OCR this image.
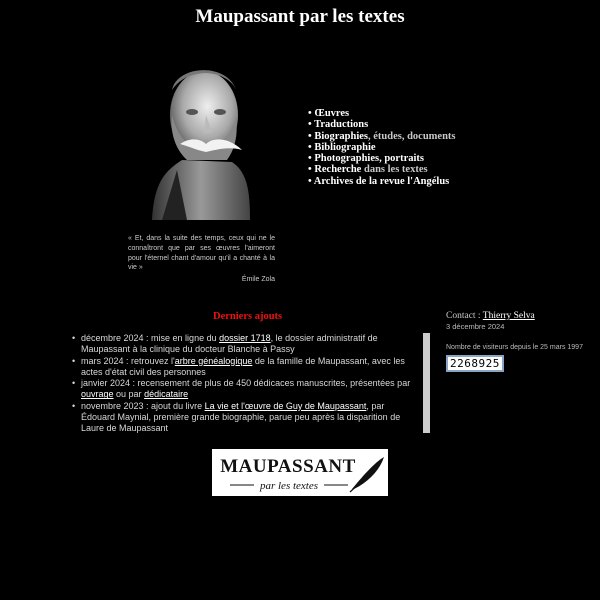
Maupassant par les textes
« Et, dans la suite des temps, ceux qui ne le connaîtront que par ses œuvres l'aimeront pour l'éternel chant d'amour qu'il a chanté à la vie »
Émile Zola
• Œuvres
• Traductions
• Biographies, études, documents
• Bibliographie
• Photographies, portraits
• Recherche dans les textes
• Archives de la revue l'Angélus
Derniers ajouts
• décembre 2024 : mise en ligne du dossier 1718, le dossier administratif de Maupassant à la clinique du docteur Blanche à Passy
• mars 2024 : retrouvez l'arbre généalogique de la famille de Maupassant, avec les actes d'état civil des personnes
• janvier 2024 : recensement de plus de 450 dédicaces manuscrites, présentées par ouvrage ou par dédicataire
• novembre 2023 : ajout du livre La vie et l'œuvre de Guy de Maupassant, par Édouard Maynial, première grande biographie, parue peu après la disparition de Laure de Maupassant
Contact : Thierry Selva
3 décembre 2024
Nombre de visiteurs depuis le 25 mars 1997
2268925
MAUPASSANT
par les textes
